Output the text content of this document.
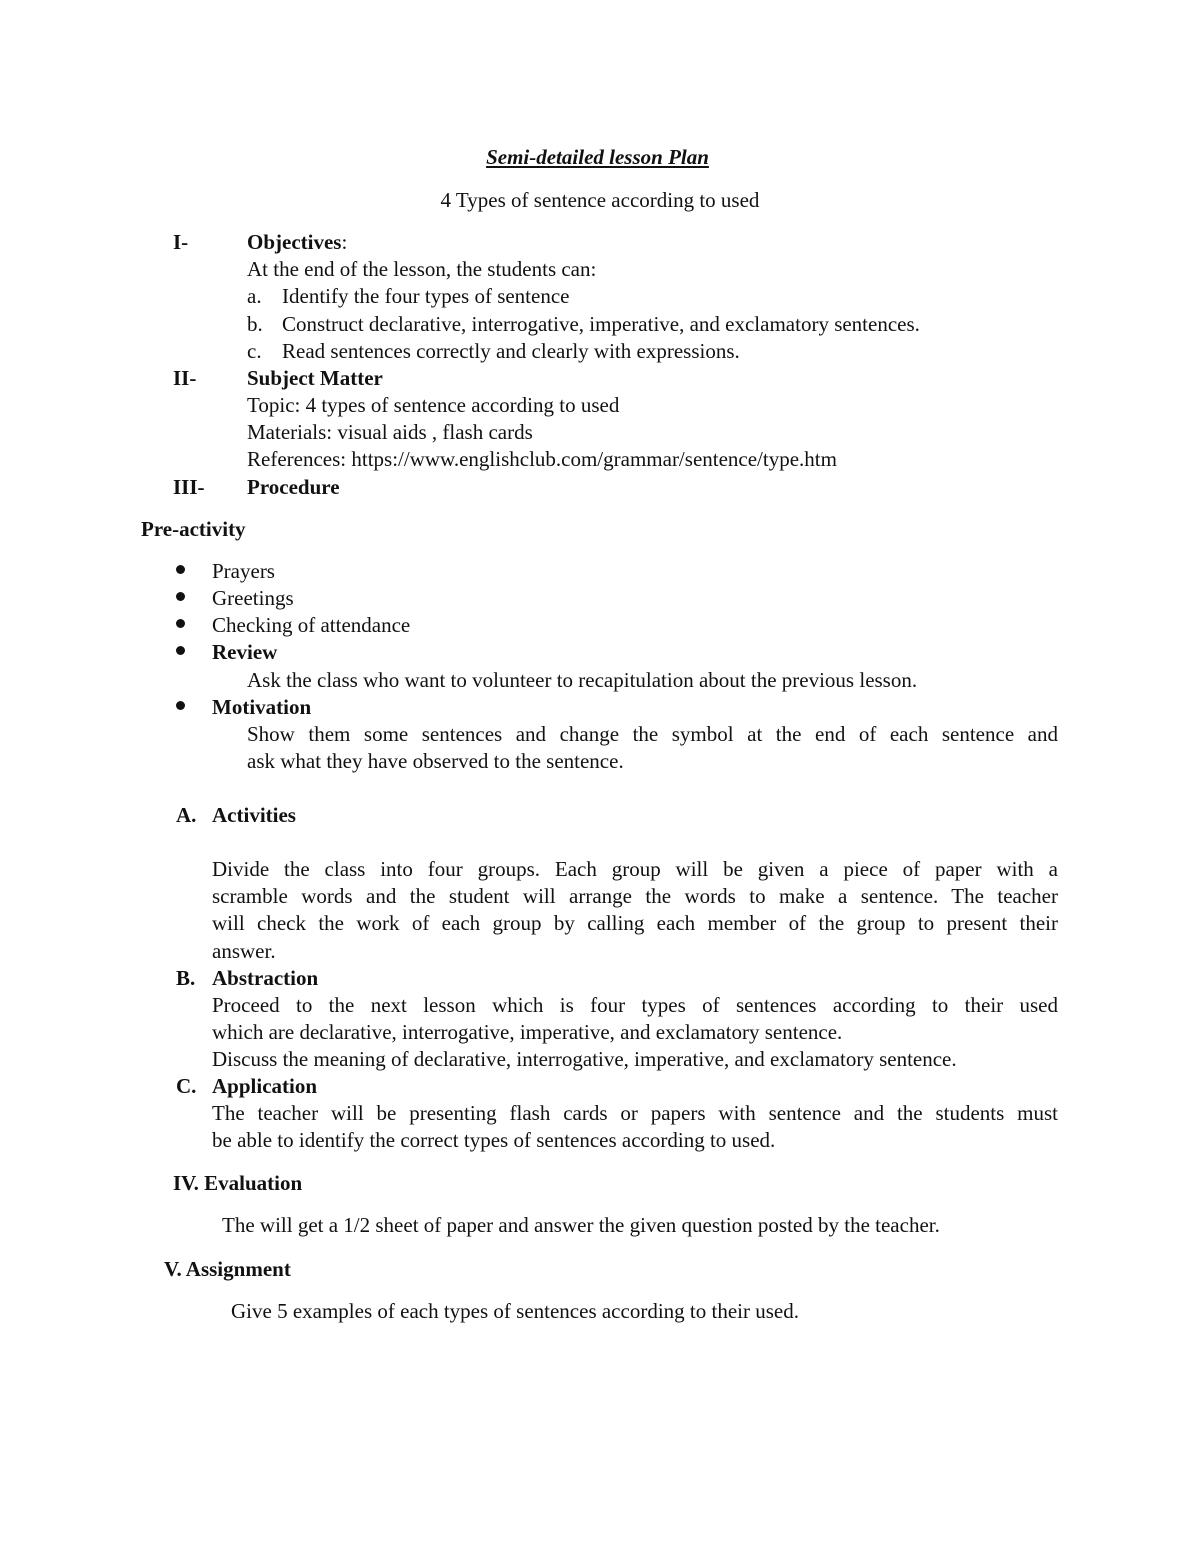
Semi-detailed lesson Plan
4 Types of sentence according to used
I-	Objectives:
At the end of the lesson, the students can:
a. Identify the four types of sentence
b. Construct declarative, interrogative, imperative, and exclamatory sentences.
c. Read sentences correctly and clearly with expressions.
II- Subject Matter
Topic: 4 types of sentence according to used
Materials: visual aids , flash cards
References: https://www.englishclub.com/grammar/sentence/type.htm
III- Procedure
Pre-activity
Prayers
Greetings
Checking of attendance
Review
Ask the class who want to volunteer to recapitulation about the previous lesson.
Motivation
Show them some sentences and change the symbol at the end of each sentence and
ask what they have observed to the sentence.
A. Activities
Divide the class into four groups. Each group will be given a piece of paper with a
scramble words and the student will arrange the words to make a sentence. The teacher
will check the work of each group by calling each member of the group to present their
answer.
B. Abstraction
Proceed to the next lesson which is four types of sentences according to their used
which are declarative, interrogative, imperative, and exclamatory sentence.
Discuss the meaning of declarative, interrogative, imperative, and exclamatory sentence.
C. Application
The teacher will be presenting flash cards or papers with sentence and the students must
be able to identify the correct types of sentences according to used.
IV. Evaluation
The will get a 1/2 sheet of paper and answer the given question posted by the teacher.
V. Assignment
Give 5 examples of each types of sentences according to their used.
